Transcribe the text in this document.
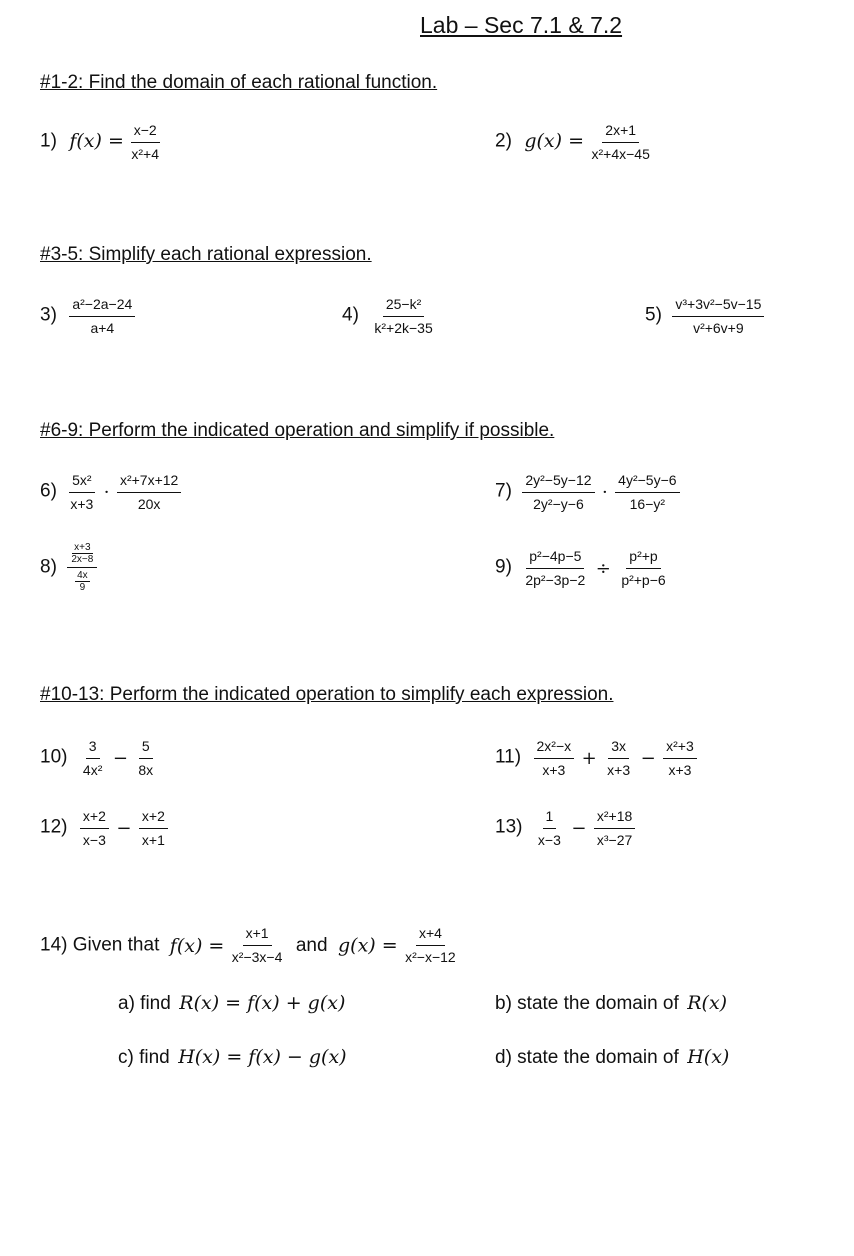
Lab – Sec 7.1 & 7.2
#1-2: Find the domain of each rational function.
1) $f(x) = \frac{x-2}{\text{x²+4}}$	2) $g(x) = \frac{2x+1}{\text{x²+4x−45}}$
#3-5: Simplify each rational expression.
$3) \frac{\text{a²−2a−24}}{a+4}$	$4) \frac{\text{25−k²}}{\text{k²+2k−35}}$	$5) \frac{\text{v³+3v²−5v−15}}{\text{v²+6v+9}}$
#6-9: Perform the indicated operation and simplify if possible.
$6) \frac{\text{5x²}}{x+3} \cdot \frac{\text{x²+7x+12}}{20x}$	$7) \frac{\text{2y²−5y−12}}{\text{2y²−y−6}} \cdot \frac{\text{4y²−5y−6}}{\text{16−y²}}$
$8) \frac{\frac{x+3}{2x-8}}{\frac{4x}{9}}$	$9) \frac{\text{p²−4p−5}}{\text{2p²−3p−2}} \div \frac{\text{p²+p}}{\text{p²+p−6}}$
#10-13: Perform the indicated operation to simplify each expression.
$10) \frac{3}{\text{4x²}} - \frac{5}{8x}$	$11) \frac{\text{2x²−x}}{x+3} + \frac{3x}{x+3} - \frac{\text{x²+3}}{x+3}$
$12) \frac{x+2}{x-3} - \frac{x+2}{x+1}$	$13) \frac{1}{x-3} - \frac{\text{x²+18}}{\text{x³−27}}$
14) Given that $f(x) = \frac{x+1}{\text{x²−3x−4}}$ and $g(x) = \frac{x+4}{\text{x²−x−12}}$
a) find R(x) = f(x) + g(x)	b) state the domain of R(x)
c) find H(x) = f(x) − g(x)	d) state the domain of H(x)
